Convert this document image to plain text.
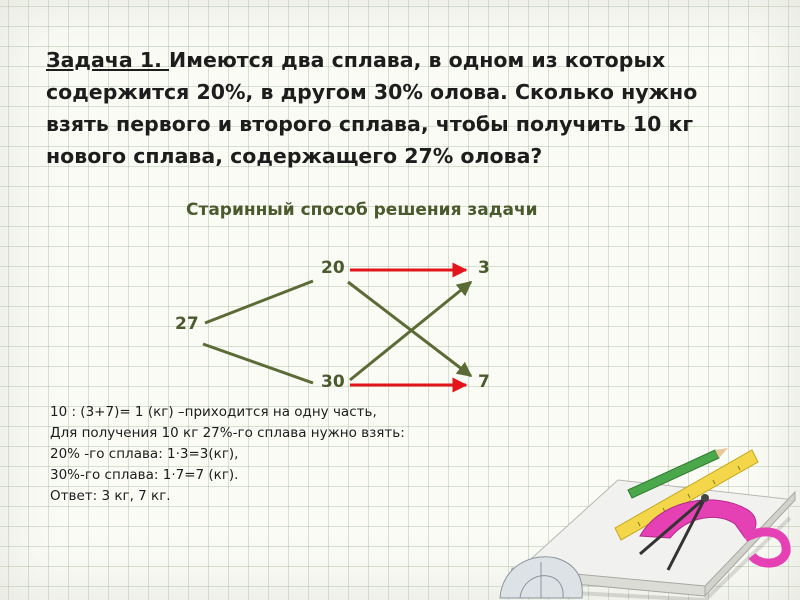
Задача 1. Имеются два сплава, в одном из которых содержится 20%, в другом 30% олова. Сколько нужно взять первого и второго сплава, чтобы получить 10 кг нового сплава, содержащего 27% олова?

Старинный способ решения задачи
20
27
30
3
7
10 : (3+7)= 1 (кг) –приходится на одну часть,
Для получения 10 кг 27%-го сплава нужно взять:
20% -го сплава: 1·3=3(кг),
30%-го сплава: 1·7=7 (кг).
Ответ: 3 кг, 7 кг.
